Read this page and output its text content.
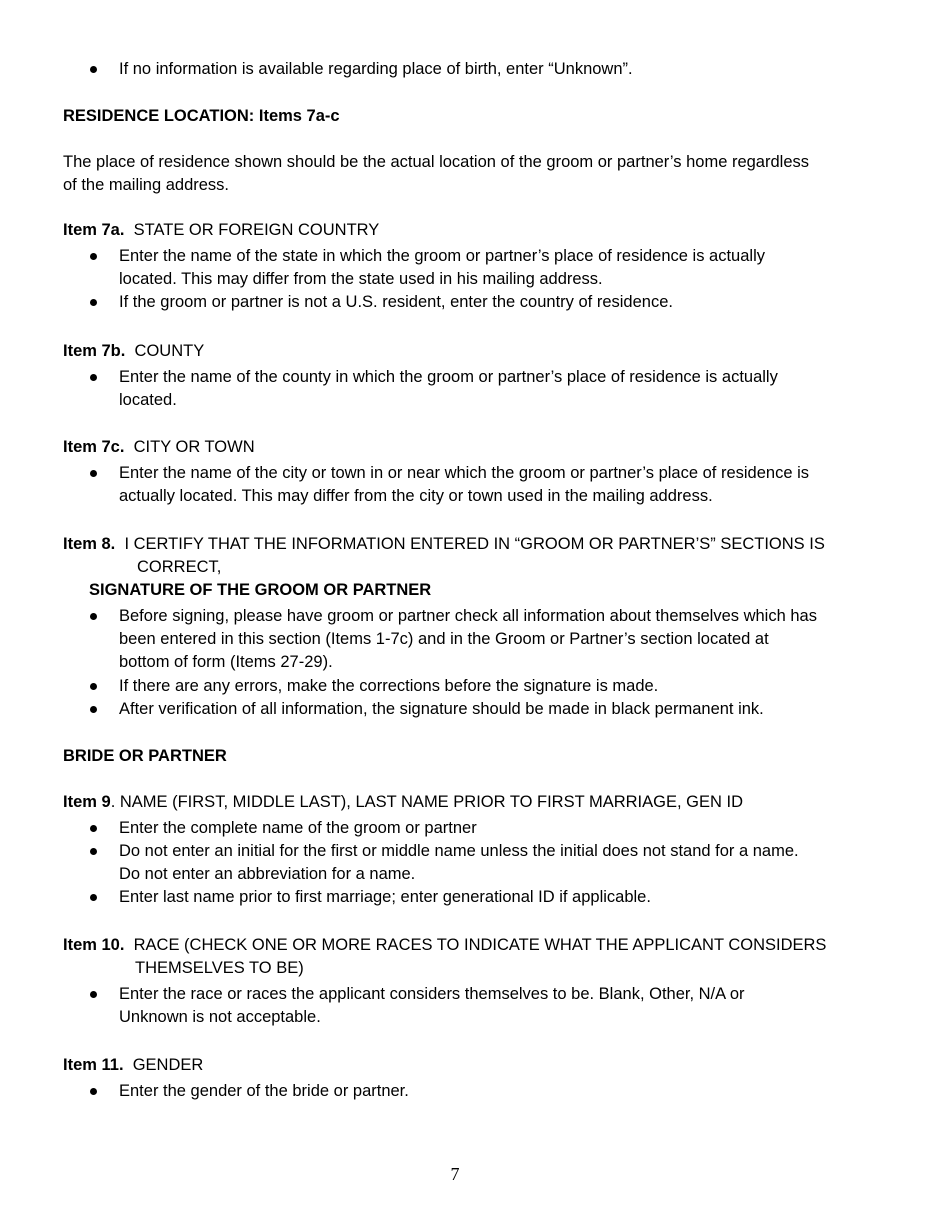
If no information is available regarding place of birth, enter “Unknown”.
RESIDENCE LOCATION: Items 7a-c
The place of residence shown should be the actual location of the groom or partner’s home regardless
of the mailing address.
Item 7a. STATE OR FOREIGN COUNTRY
Enter the name of the state in which the groom or partner’s place of residence is actually
located. This may differ from the state used in his mailing address.
If the groom or partner is not a U.S. resident, enter the country of residence.
Item 7b. COUNTY
Enter the name of the county in which the groom or partner’s place of residence is actually
located.
Item 7c. CITY OR TOWN
Enter the name of the city or town in or near which the groom or partner’s place of residence is
actually located. This may differ from the city or town used in the mailing address.
Item 8. I CERTIFY THAT THE INFORMATION ENTERED IN “GROOM OR PARTNER’S” SECTIONS IS
CORRECT,
SIGNATURE OF THE GROOM OR PARTNER
Before signing, please have groom or partner check all information about themselves which has
been entered in this section (Items 1-7c) and in the Groom or Partner’s section located at
bottom of form (Items 27-29).
If there are any errors, make the corrections before the signature is made.
After verification of all information, the signature should be made in black permanent ink.
BRIDE OR PARTNER
Item 9. NAME (FIRST, MIDDLE LAST), LAST NAME PRIOR TO FIRST MARRIAGE, GEN ID
Enter the complete name of the groom or partner
Do not enter an initial for the first or middle name unless the initial does not stand for a name.
Do not enter an abbreviation for a name.
Enter last name prior to first marriage; enter generational ID if applicable.
Item 10. RACE (CHECK ONE OR MORE RACES TO INDICATE WHAT THE APPLICANT CONSIDERS
THEMSELVES TO BE)
Enter the race or races the applicant considers themselves to be. Blank, Other, N/A or
Unknown is not acceptable.
Item 11. GENDER
Enter the gender of the bride or partner.
7
